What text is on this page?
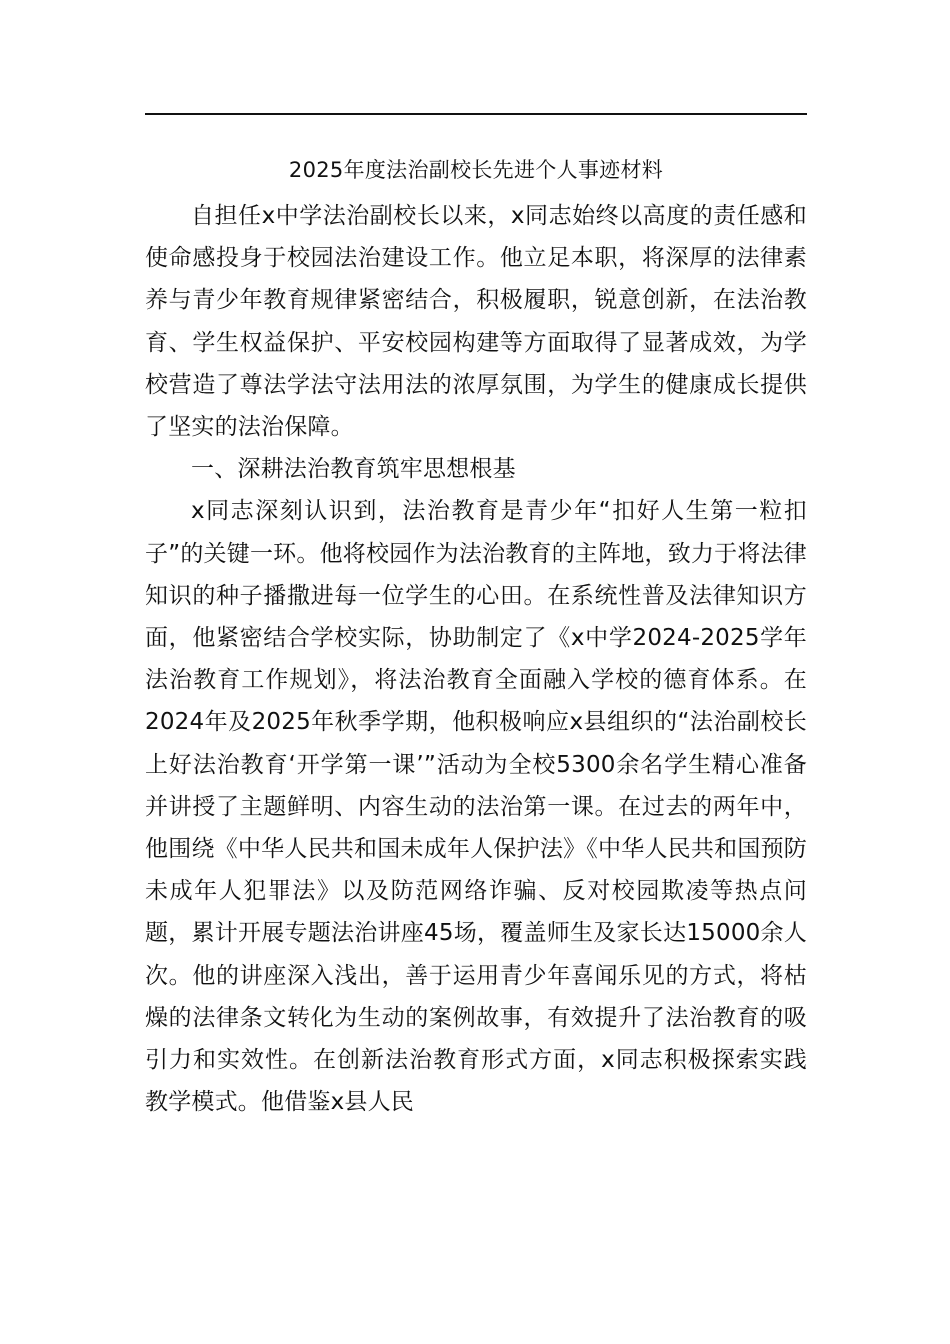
2025年度法治副校长先进个人事迹材料

自担任x中学法治副校长以来，x同志始终以高度的责任感和使命感投身于校园法治建设工作。他立足本职，将深厚的法律素养与青少年教育规律紧密结合，积极履职，锐意创新，在法治教育、学生权益保护、平安校园构建等方面取得了显著成效，为学校营造了尊法学法守法用法的浓厚氛围，为学生的健康成长提供了坚实的法治保障。

一、深耕法治教育筑牢思想根基

x同志深刻认识到，法治教育是青少年“扣好人生第一粒扣子”的关键一环。他将校园作为法治教育的主阵地，致力于将法律知识的种子播撒进每一位学生的心田。在系统性普及法律知识方面，他紧密结合学校实际，协助制定了《x中学2024-2025学年法治教育工作规划》，将法治教育全面融入学校的德育体系。在2024年及2025年秋季学期，他积极响应x县组织的“法治副校长上好法治教育‘开学第一课’”活动为全校5300余名学生精心准备并讲授了主题鲜明、内容生动的法治第一课。在过去的两年中，他围绕《中华人民共和国未成年人保护法》《中华人民共和国预防未成年人犯罪法》以及防范网络诈骗、反对校园欺凌等热点问题，累计开展专题法治讲座45场，覆盖师生及家长达15000余人次。他的讲座深入浅出，善于运用青少年喜闻乐见的方式，将枯燥的法律条文转化为生动的案例故事，有效提升了法治教育的吸引力和实效性。在创新法治教育形式方面，x同志积极探索实践教学模式。他借鉴x县人民
